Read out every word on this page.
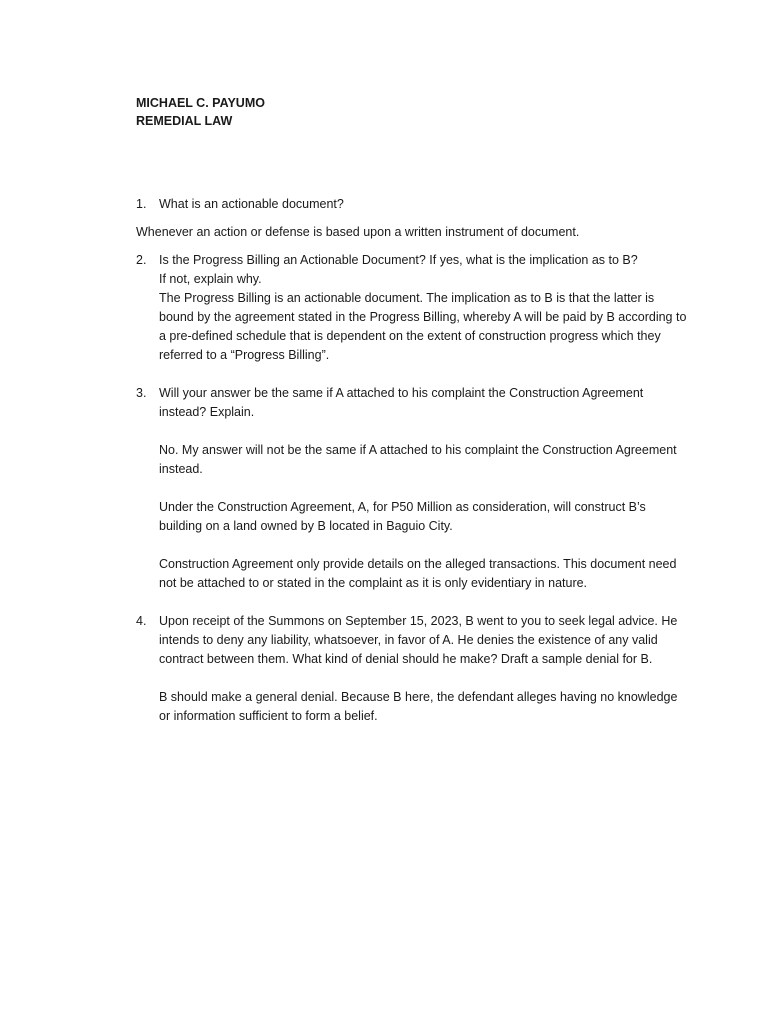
MICHAEL C. PAYUMO
REMEDIAL LAW
1. What is an actionable document?

Whenever an action or defense is based upon a written instrument of document.

2. Is the Progress Billing an Actionable Document? If yes, what is the implication as to B?

If not, explain why.

The Progress Billing is an actionable document. The implication as to B is that the latter is bound by the agreement stated in the Progress Billing, whereby A will be paid by B according to a pre-defined schedule that is dependent on the extent of construction progress which they referred to a “Progress Billing”.

3. Will your answer be the same if A attached to his complaint the Construction Agreement instead? Explain.

No. My answer will not be the same if A attached to his complaint the Construction Agreement instead.

Under the Construction Agreement, A, for P50 Million as consideration, will construct B’s building on a land owned by B located in Baguio City.

Construction Agreement only provide details on the alleged transactions. This document need not be attached to or stated in the complaint as it is only evidentiary in nature.

4. Upon receipt of the Summons on September 15, 2023, B went to you to seek legal advice. He intends to deny any liability, whatsoever, in favor of A. He denies the existence of any valid contract between them. What kind of denial should he make? Draft a sample denial for B.

B should make a general denial. Because B here, the defendant alleges having no knowledge or information sufficient to form a belief.
